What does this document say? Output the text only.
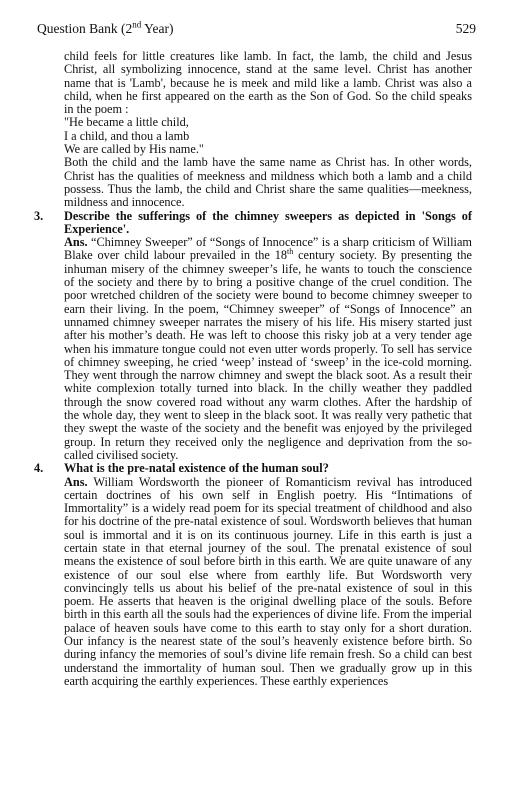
Question Bank (2nd Year)	529

child feels for little creatures like lamb. In fact, the lamb, the child and Jesus Christ, all symbolizing innocence, stand at the same level. Christ has another name that is 'Lamb', because he is meek and mild like a lamb. Christ was also a child, when he first appeared on the earth as the Son of God. So the child speaks in the poem :

"He became a little child,
I a child, and thou a lamb
We are called by His name."

Both the child and the lamb have the same name as Christ has. In other words, Christ has the qualities of meekness and mildness which both a lamb and a child possess. Thus the lamb, the child and Christ share the same qualities—meekness, mildness and innocence.

3. Describe the sufferings of the chimney sweepers as depicted in 'Songs of Experience'.

Ans. “Chimney Sweeper” of “Songs of Innocence” is a sharp criticism of William Blake over child labour prevailed in the 18th century society. By presenting the inhuman misery of the chimney sweeper’s life, he wants to touch the conscience of the society and there by to bring a positive change of the cruel condition. The poor wretched children of the society were bound to become chimney sweeper to earn their living. In the poem, “Chimney sweeper” of “Songs of Innocence” an unnamed chimney sweeper narrates the misery of his life. His misery started just after his mother’s death. He was left to choose this risky job at a very tender age when his immature tongue could not even utter words properly. To sell has service of chimney sweeping, he cried ‘weep’ instead of ‘sweep’ in the ice-cold morning. They went through the narrow chimney and swept the black soot. As a result their white complexion totally turned into black. In the chilly weather they paddled through the snow covered road without any warm clothes. After the hardship of the whole day, they went to sleep in the black soot. It was really very pathetic that they swept the waste of the society and the benefit was enjoyed by the privileged group. In return they received only the negligence and deprivation from the so-called civilised society.

4. What is the pre-natal existence of the human soul?

Ans. William Wordsworth the pioneer of Romanticism revival has introduced certain doctrines of his own self in English poetry. His “Intimations of Immortality” is a widely read poem for its special treatment of childhood and also for his doctrine of the pre-natal existence of soul. Wordsworth believes that human soul is immortal and it is on its continuous journey. Life in this earth is just a certain state in that eternal journey of the soul. The prenatal existence of soul means the existence of soul before birth in this earth. We are quite unaware of any existence of our soul else where from earthly life. But Wordsworth very convincingly tells us about his belief of the pre-natal existence of soul in this poem. He asserts that heaven is the original dwelling place of the souls. Before birth in this earth all the souls had the experiences of divine life. From the imperial palace of heaven souls have come to this earth to stay only for a short duration. Our infancy is the nearest state of the soul’s heavenly existence before birth. So during infancy the memories of soul’s divine life remain fresh. So a child can best understand the immortality of human soul. Then we gradually grow up in this earth acquiring the earthly experiences. These earthly experiences
